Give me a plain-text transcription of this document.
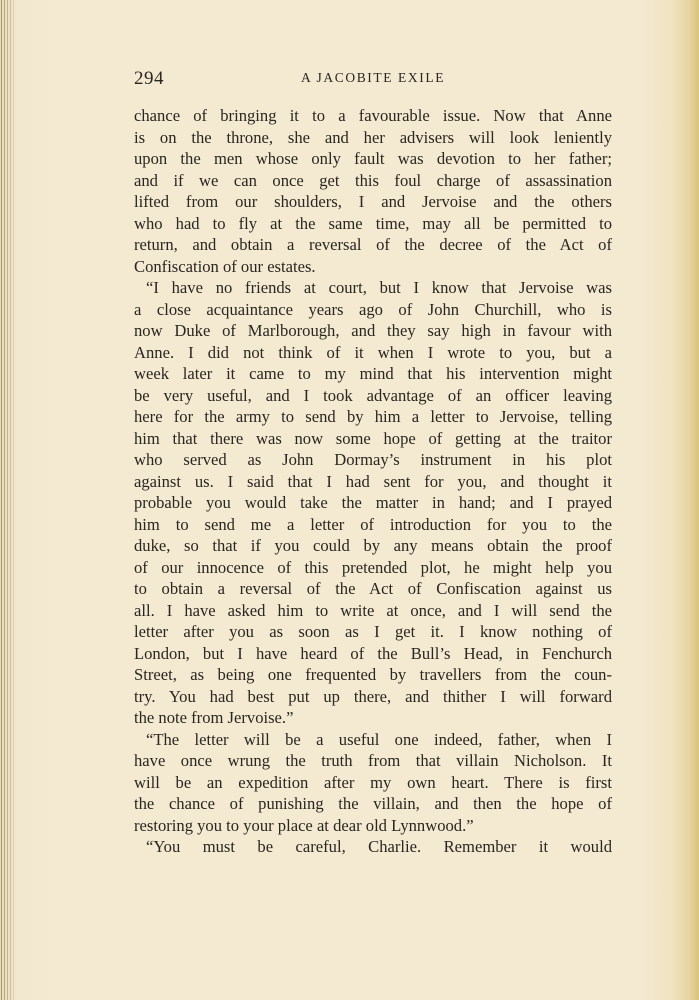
294	A JACOBITE EXILE
chance of bringing it to a favourable issue. Now that Anne
is on the throne, she and her advisers will look leniently
upon the men whose only fault was devotion to her father;
and if we can once get this foul charge of assassination
lifted from our shoulders, I and Jervoise and the others
who had to fly at the same time, may all be permitted to
return, and obtain a reversal of the decree of the Act of
Confiscation of our estates.
“I have no friends at court, but I know that Jervoise was
a close acquaintance years ago of John Churchill, who is
now Duke of Marlborough, and they say high in favour with
Anne. I did not think of it when I wrote to you, but a
week later it came to my mind that his intervention might
be very useful, and I took advantage of an officer leaving
here for the army to send by him a letter to Jervoise, telling
him that there was now some hope of getting at the traitor
who served as John Dormay’s instrument in his plot
against us. I said that I had sent for you, and thought it
probable you would take the matter in hand; and I prayed
him to send me a letter of introduction for you to the
duke, so that if you could by any means obtain the proof
of our innocence of this pretended plot, he might help you
to obtain a reversal of the Act of Confiscation against us
all. I have asked him to write at once, and I will send the
letter after you as soon as I get it. I know nothing of
London, but I have heard of the Bull’s Head, in Fenchurch
Street, as being one frequented by travellers from the coun-
try. You had best put up there, and thither I will forward
the note from Jervoise.”
“The letter will be a useful one indeed, father, when I
have once wrung the truth from that villain Nicholson. It
will be an expedition after my own heart. There is first
the chance of punishing the villain, and then the hope of
restoring you to your place at dear old Lynnwood.”
“You must be careful, Charlie. Remember it would
